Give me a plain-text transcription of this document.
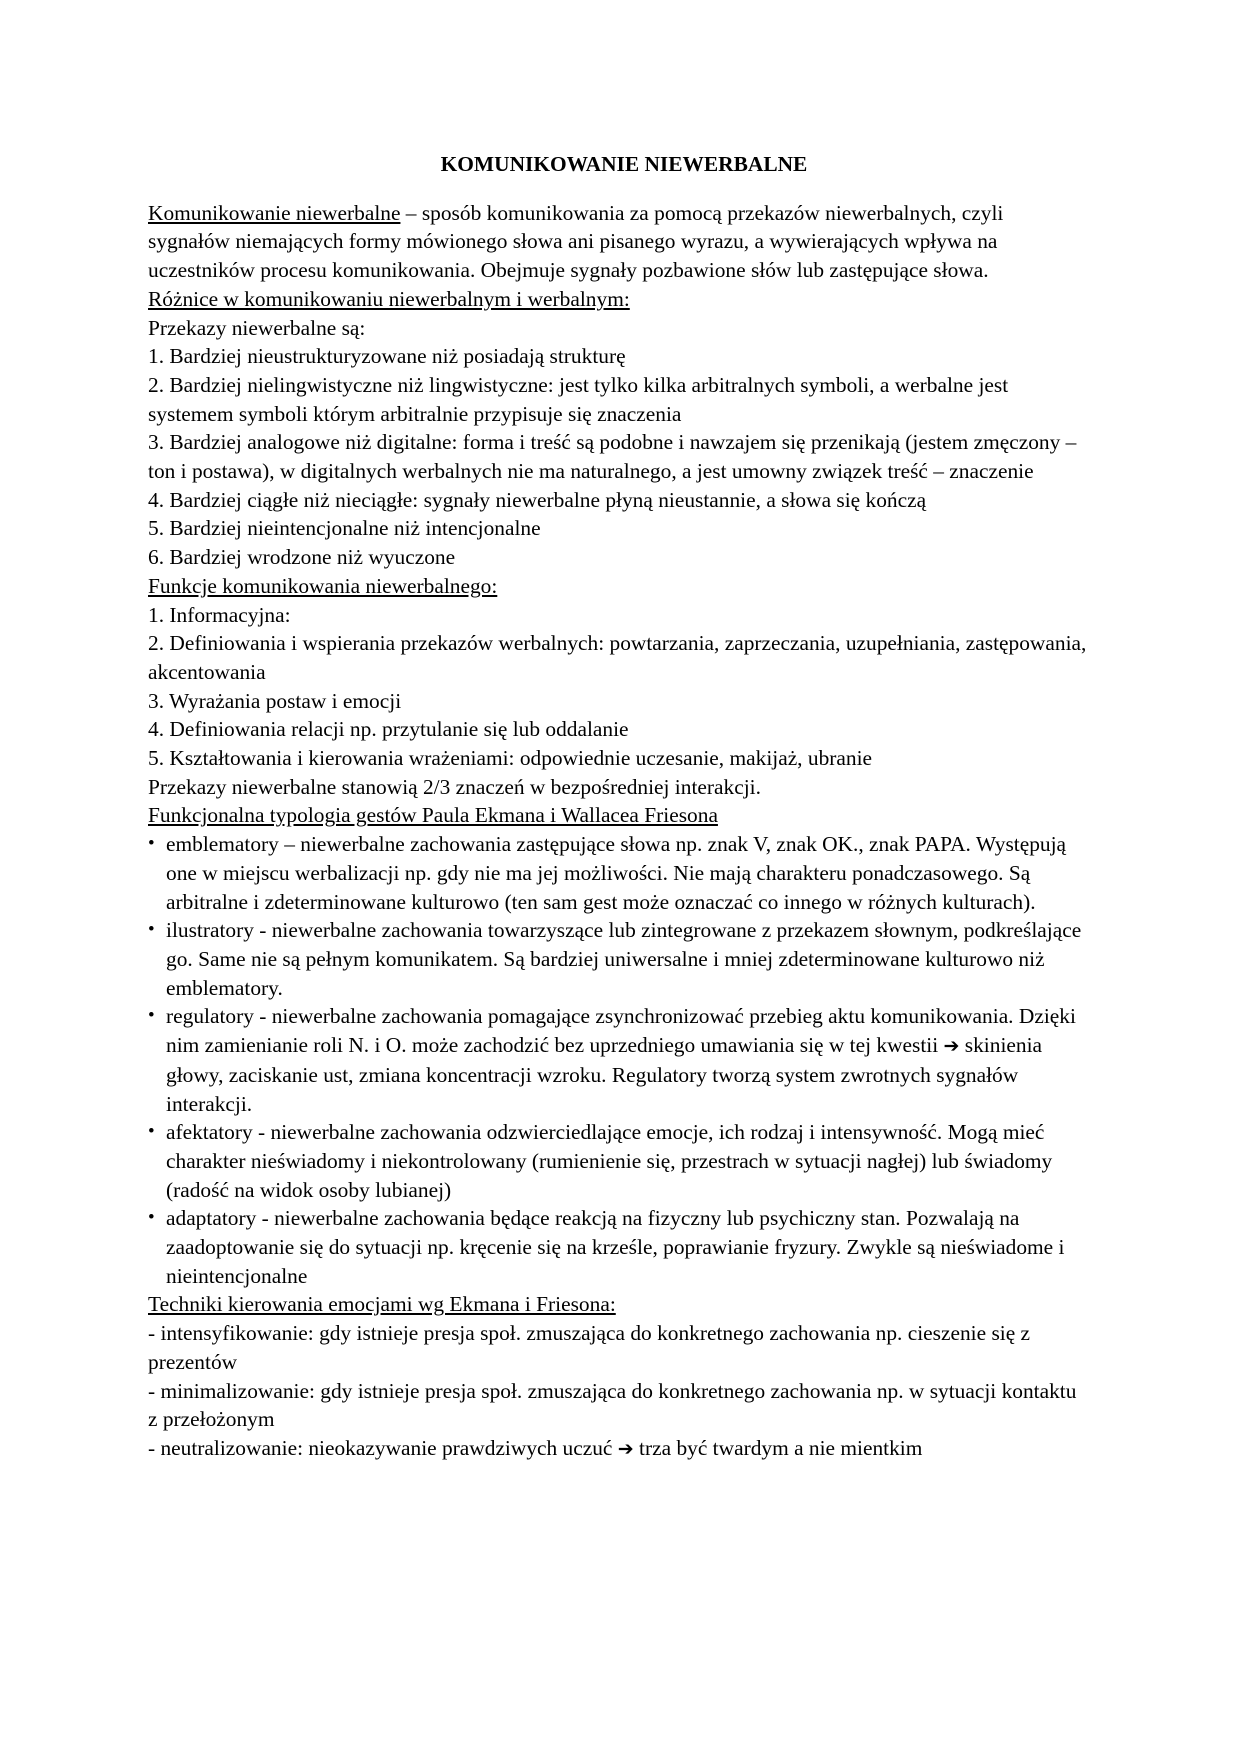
KOMUNIKOWANIE NIEWERBALNE

Komunikowanie niewerbalne – sposób komunikowania za pomocą przekazów niewerbalnych, czyli sygnałów niemających formy mówionego słowa ani pisanego wyrazu, a wywierających wpływa na uczestników procesu komunikowania. Obejmuje sygnały pozbawione słów lub zastępujące słowa.

Różnice w komunikowaniu niewerbalnym i werbalnym:

Przekazy niewerbalne są:

1. Bardziej nieustrukturyzowane niż posiadają strukturę

2. Bardziej nielingwistyczne niż lingwistyczne: jest tylko kilka arbitralnych symboli, a werbalne jest systemem symboli którym arbitralnie przypisuje się znaczenia

3. Bardziej analogowe niż digitalne: forma i treść są podobne i nawzajem się przenikają (jestem zmęczony – ton i postawa), w digitalnych werbalnych nie ma naturalnego, a jest umowny związek treść – znaczenie

4. Bardziej ciągłe niż nieciągłe: sygnały niewerbalne płyną nieustannie, a słowa się kończą

5. Bardziej nieintencjonalne niż intencjonalne

6. Bardziej wrodzone niż wyuczone

Funkcje komunikowania niewerbalnego:

1. Informacyjna:

2. Definiowania i wspierania przekazów werbalnych: powtarzania, zaprzeczania, uzupełniania, zastępowania, akcentowania

3. Wyrażania postaw i emocji

4. Definiowania relacji np. przytulanie się lub oddalanie

5. Kształtowania i kierowania wrażeniami: odpowiednie uczesanie, makijaż, ubranie

Przekazy niewerbalne stanowią 2/3 znaczeń w bezpośredniej interakcji.

Funkcjonalna typologia gestów Paula Ekmana i Wallacea Friesona

• emblematory – niewerbalne zachowania zastępujące słowa np. znak V, znak OK., znak PAPA. Występują one w miejscu werbalizacji np. gdy nie ma jej możliwości. Nie mają charakteru ponadczasowego. Są arbitralne i zdeterminowane kulturowo (ten sam gest może oznaczać co innego w różnych kulturach).
• ilustratory - niewerbalne zachowania towarzyszące lub zintegrowane z przekazem słownym, podkreślające go. Same nie są pełnym komunikatem. Są bardziej uniwersalne i mniej zdeterminowane kulturowo niż emblematory.
• regulatory - niewerbalne zachowania pomagające zsynchronizować przebieg aktu komunikowania. Dzięki nim zamienianie roli N. i O. może zachodzić bez uprzedniego umawiania się w tej kwestii ➔ skinienia głowy, zaciskanie ust, zmiana koncentracji wzroku. Regulatory tworzą system zwrotnych sygnałów interakcji.
• afektatory - niewerbalne zachowania odzwierciedlające emocje, ich rodzaj i intensywność. Mogą mieć charakter nieświadomy i niekontrolowany (rumienienie się, przestrach w sytuacji nagłej) lub świadomy (radość na widok osoby lubianej)
• adaptatory - niewerbalne zachowania będące reakcją na fizyczny lub psychiczny stan. Pozwalają na zaadoptowanie się do sytuacji np. kręcenie się na krześle, poprawianie fryzury. Zwykle są nieświadome i nieintencjonalne

Techniki kierowania emocjami wg Ekmana i Friesona:

- intensyfikowanie: gdy istnieje presja społ. zmuszająca do konkretnego zachowania np. cieszenie się z prezentów

- minimalizowanie: gdy istnieje presja społ. zmuszająca do konkretnego zachowania np. w sytuacji kontaktu z przełożonym

- neutralizowanie: nieokazywanie prawdziwych uczuć ➔ trza być twardym a nie mientkim
